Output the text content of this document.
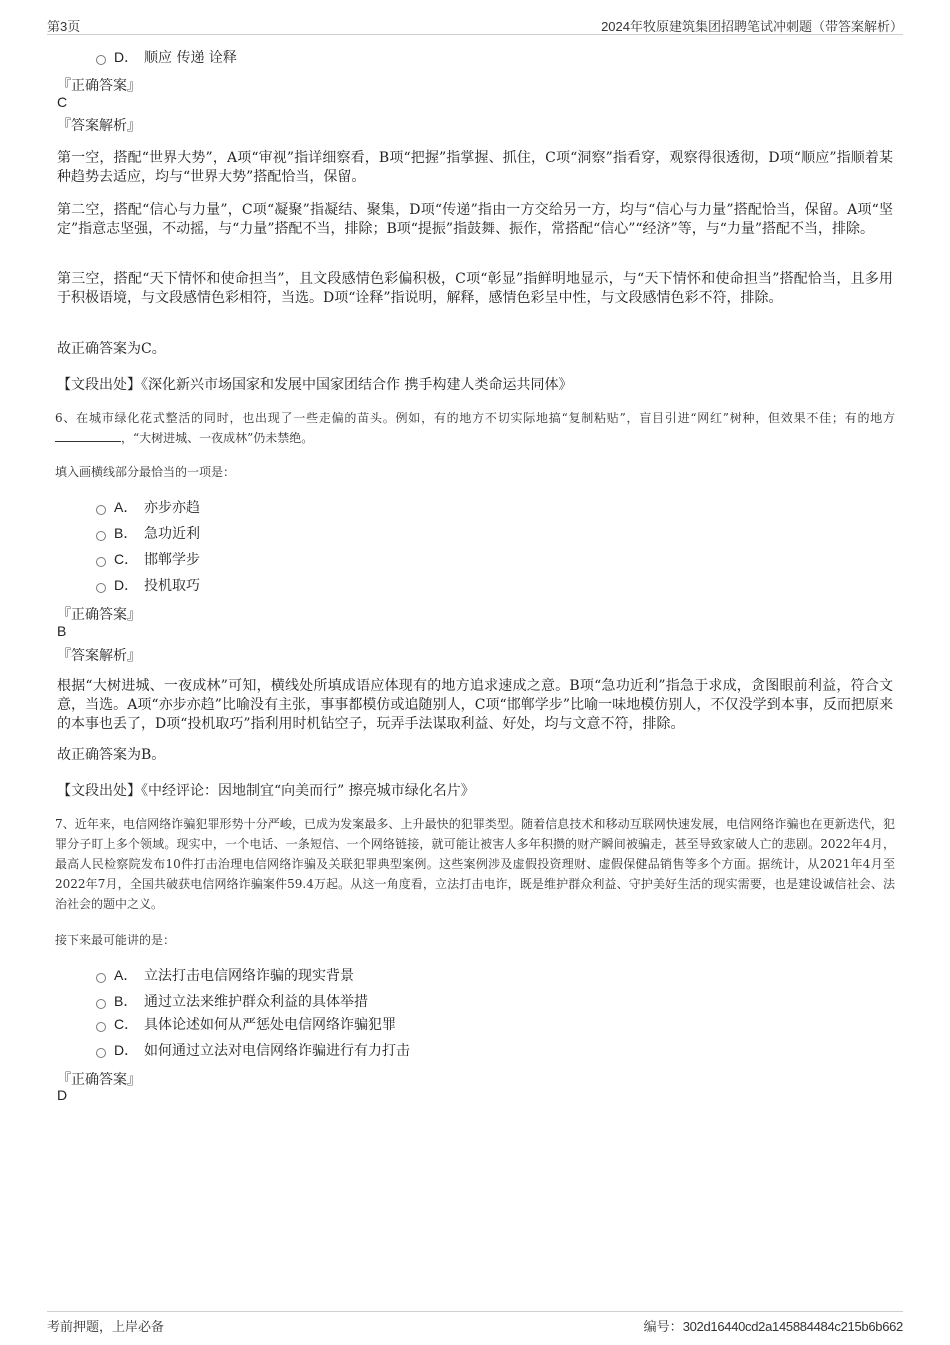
第3页	2024年牧原建筑集团招聘笔试冲刺题（带答案解析）
D． 顺应 传递 诠释
『正确答案』
C
『答案解析』
第一空，搭配“世界大势”，A项“审视”指详细察看，B项“把握”指掌握、抓住，C项“洞察”指看穿，观察得很透彻，D项“顺应”指顺着某种趋势去适应，均与“世界大势”搭配恰当，保留。
第二空，搭配“信心与力量”，C项“凝聚”指凝结、聚集，D项“传递”指由一方交给另一方，均与“信心与力量”搭配恰当，保留。A项“坚定”指意志坚强，不动摇，与“力量”搭配不当，排除；B项“提振”指鼓舞、振作，常搭配“信心”“经济”等，与“力量”搭配不当，排除。
第三空，搭配“天下情怀和使命担当”，且文段感情色彩偏积极，C项“彰显”指鲜明地显示，与“天下情怀和使命担当”搭配恰当，且多用于积极语境，与文段感情色彩相符，当选。D项“诠释”指说明，解释，感情色彩呈中性，与文段感情色彩不符，排除。
故正确答案为C。
【文段出处】《深化新兴市场国家和发展中国家团结合作 携手构建人类命运共同体》
6、在城市绿化花式整活的同时，也出现了一些走偏的苗头。例如，有的地方不切实际地搞“复制粘贴”，盲目引进“网红”树种，但效果不佳；有的地方，“大树进城、一夜成林”仍未禁绝。
填入画横线部分最恰当的一项是：
A． 亦步亦趋
B． 急功近利
C． 邯郸学步
D． 投机取巧
『正确答案』
B
『答案解析』
根据“大树进城、一夜成林”可知，横线处所填成语应体现有的地方追求速成之意。B项“急功近利”指急于求成，贪图眼前利益，符合文意，当选。A项“亦步亦趋”比喻没有主张，事事都模仿或追随别人，C项“邯郸学步”比喻一味地模仿别人，不仅没学到本事，反而把原来的本事也丢了，D项“投机取巧”指利用时机钻空子，玩弄手法谋取利益、好处，均与文意不符，排除。
故正确答案为B。
【文段出处】《中经评论：因地制宜“向美而行” 擦亮城市绿化名片》
7、近年来，电信网络诈骗犯罪形势十分严峻，已成为发案最多、上升最快的犯罪类型。随着信息技术和移动互联网快速发展，电信网络诈骗也在更新迭代，犯罪分子盯上多个领域。现实中，一个电话、一条短信、一个网络链接，就可能让被害人多年积攒的财产瞬间被骗走，甚至导致家破人亡的悲剧。2022年4月，最高人民检察院发布10件打击治理电信网络诈骗及关联犯罪典型案例。这些案例涉及虚假投资理财、虚假保健品销售等多个方面。据统计，从2021年4月至2022年7月，全国共破获电信网络诈骗案件59.4万起。从这一角度看，立法打击电诈，既是维护群众利益、守护美好生活的现实需要，也是建设诚信社会、法治社会的题中之义。
接下来最可能讲的是：
A． 立法打击电信网络诈骗的现实背景
B． 通过立法来维护群众利益的具体举措
C． 具体论述如何从严惩处电信网络诈骗犯罪
D． 如何通过立法对电信网络诈骗进行有力打击
『正确答案』
D
考前押题，上岸必备	编号：302d16440cd2a145884484c215b6b662
